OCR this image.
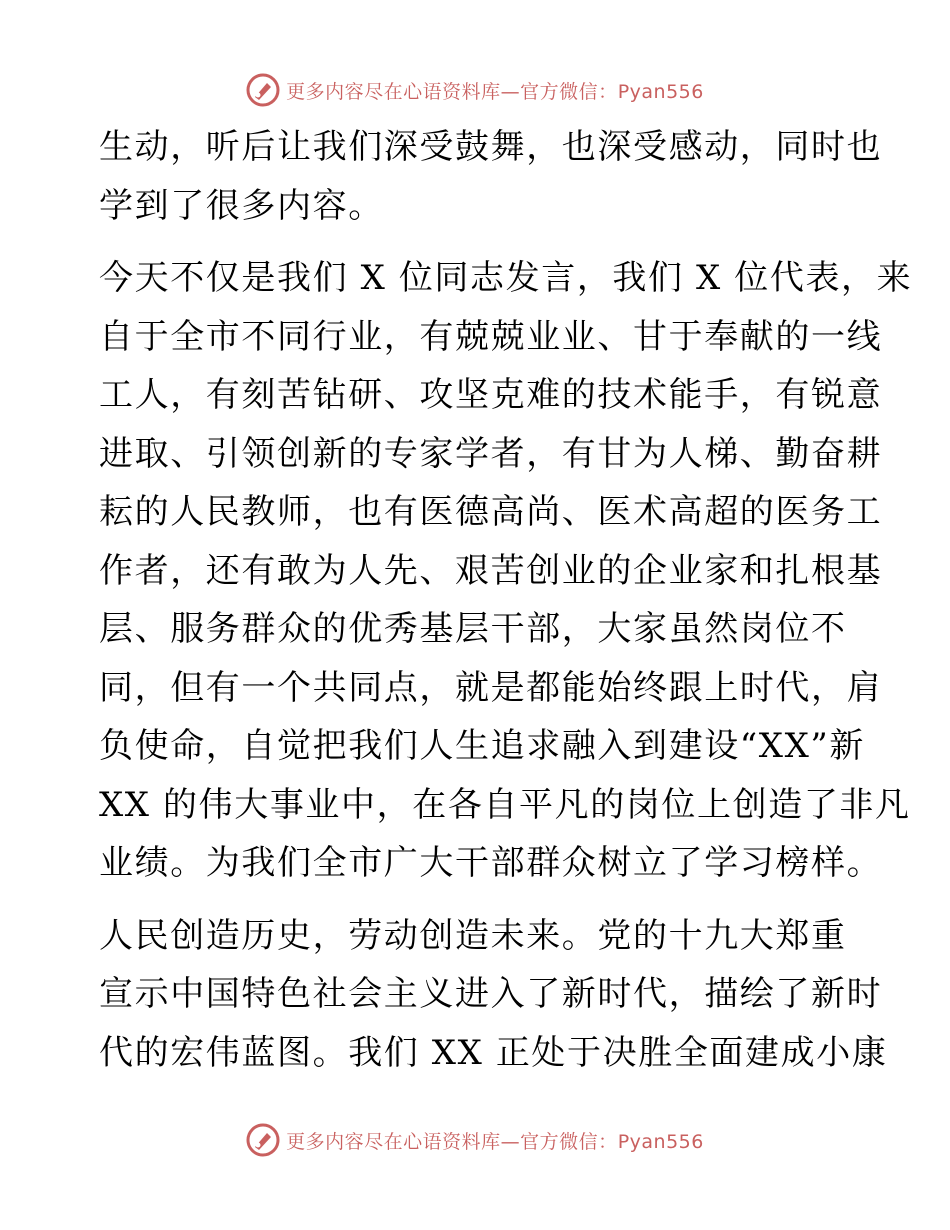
更多内容尽在心语资料库—官方微信：Pyan556
生动，听后让我们深受鼓舞，也深受感动，同时也
学到了很多内容。
今天不仅是我们 X 位同志发言，我们 X 位代表，来
自于全市不同行业，有兢兢业业、甘于奉献的一线
工人，有刻苦钻研、攻坚克难的技术能手，有锐意
进取、引领创新的专家学者，有甘为人梯、勤奋耕
耘的人民教师，也有医德高尚、医术高超的医务工
作者，还有敢为人先、艰苦创业的企业家和扎根基
层、服务群众的优秀基层干部，大家虽然岗位不
同，但有一个共同点，就是都能始终跟上时代，肩
负使命，自觉把我们人生追求融入到建设“XX”新
XX 的伟大事业中，在各自平凡的岗位上创造了非凡
业绩。为我们全市广大干部群众树立了学习榜样。
人民创造历史，劳动创造未来。党的十九大郑重
宣示中国特色社会主义进入了新时代，描绘了新时
代的宏伟蓝图。我们 XX 正处于决胜全面建成小康
更多内容尽在心语资料库—官方微信：Pyan556
